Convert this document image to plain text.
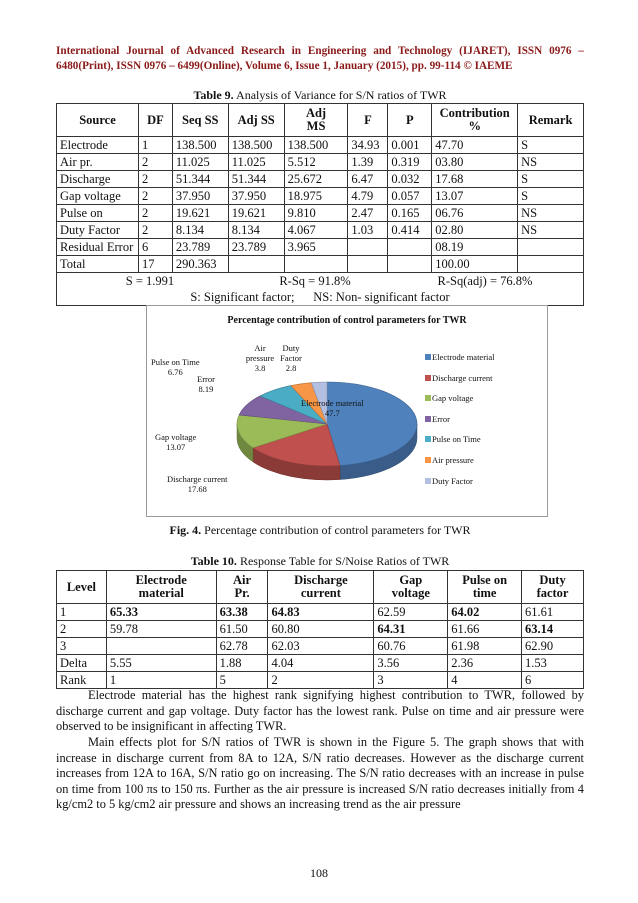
International Journal of Advanced Research in Engineering and Technology (IJARET), ISSN 0976 – 6480(Print), ISSN 0976 – 6499(Online), Volume 6, Issue 1, January (2015), pp. 99-114 © IAEME
Table 9. Analysis of Variance for S/N ratios of TWR
Source	DF	Seq SS	Adj SS	Adj MS	F	P	Contribution %	Remark
Electrode	1	138.500	138.500	138.500	34.93	0.001	47.70	S
Air pr.	2	11.025	11.025	5.512	1.39	0.319	03.80	NS
Discharge	2	51.344	51.344	25.672	6.47	0.032	17.68	S
Gap voltage	2	37.950	37.950	18.975	4.79	0.057	13.07	S
Pulse on	2	19.621	19.621	9.810	2.47	0.165	06.76	NS
Duty Factor	2	8.134	8.134	4.067	1.03	0.414	02.80	NS
Residual Error	6	23.789	23.789	3.965			08.19	
Total	17	290.363					100.00	
S = 1.991 R-Sq = 91.8% R-Sq(adj) = 76.8%								
S: Significant factor;      NS: Non- significant factor								
Percentage contribution of control parameters for TWR
Electrode material
47.7
Discharge current
17.68
Gap voltage
13.07
Error
8.19
Pulse on Time
6.76
Air pressure
3.8
Duty Factor
2.8
Electrode material
Discharge current
Gap voltage
Error
Pulse on Time
Air pressure
Duty Factor
Fig. 4. Percentage contribution of control parameters for TWR
Table 10. Response Table for S/Noise Ratios of TWR
Level	Electrode material	Air Pr.	Discharge current	Gap voltage	Pulse on time	Duty factor
1	65.33	63.38	64.83	62.59	64.02	61.61
2	59.78	61.50	60.80	64.31	61.66	63.14
3		62.78	62.03	60.76	61.98	62.90
Delta	5.55	1.88	4.04	3.56	2.36	1.53
Rank	1	5	2	3	4	6
Electrode material has the highest rank signifying highest contribution to TWR, followed by discharge current and gap voltage. Duty factor has the lowest rank. Pulse on time and air pressure were observed to be insignificant in affecting TWR.
Main effects plot for S/N ratios of TWR is shown in the Figure 5. The graph shows that with increase in discharge current from 8A to 12A, S/N ratio decreases. However as the discharge current increases from 12A to 16A, S/N ratio go on increasing. The S/N ratio decreases with an increase in pulse on time from 100 πs to 150 πs. Further as the air pressure is increased S/N ratio decreases initially from 4 kg/cm2 to 5 kg/cm2 air pressure and shows an increasing trend as the air pressure
108
